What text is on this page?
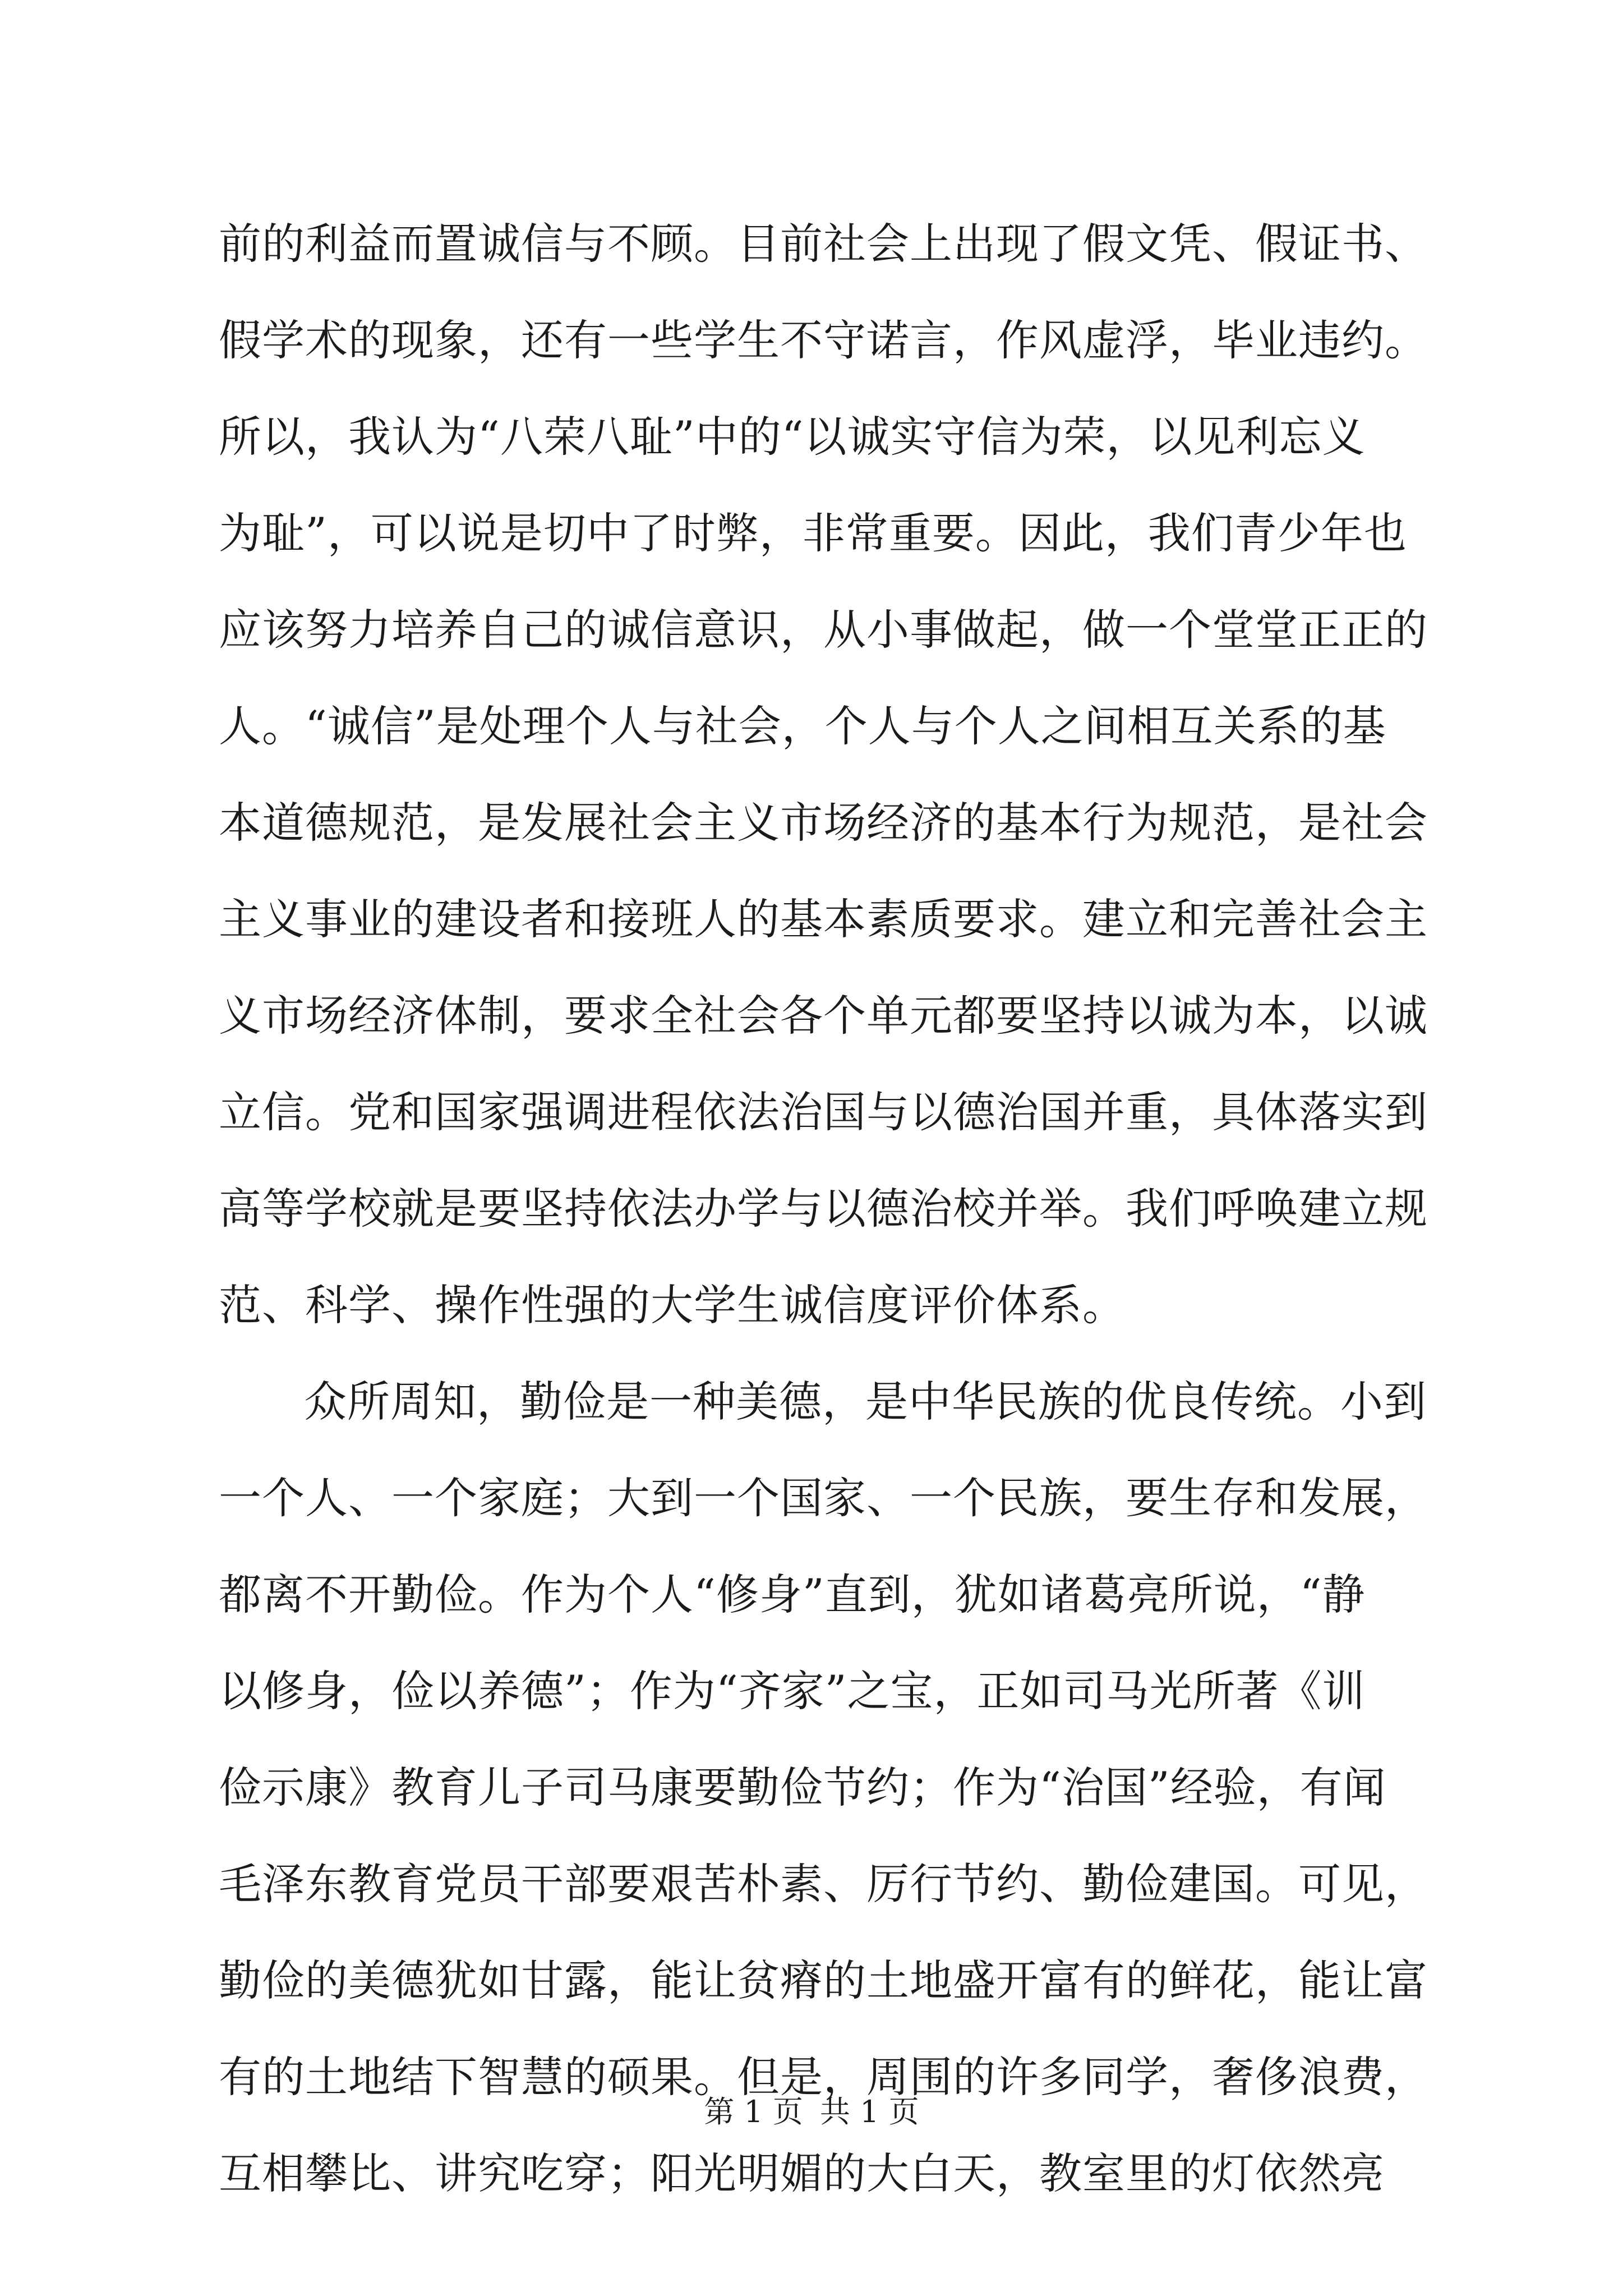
前的利益而置诚信与不顾。目前社会上出现了假文凭、假证书、
假学术的现象，还有一些学生不守诺言，作风虚浮，毕业违约。
所以，我认为“八荣八耻”中的“以诚实守信为荣，以见利忘义
为耻”，可以说是切中了时弊，非常重要。因此，我们青少年也
应该努力培养自己的诚信意识，从小事做起，做一个堂堂正正的
人。“诚信”是处理个人与社会，个人与个人之间相互关系的基
本道德规范，是发展社会主义市场经济的基本行为规范，是社会
主义事业的建设者和接班人的基本素质要求。建立和完善社会主
义市场经济体制，要求全社会各个单元都要坚持以诚为本，以诚
立信。党和国家强调进程依法治国与以德治国并重，具体落实到
高等学校就是要坚持依法办学与以德治校并举。我们呼唤建立规
范、科学、操作性强的大学生诚信度评价体系。
众所周知，勤俭是一种美德，是中华民族的优良传统。小到
一个人、一个家庭；大到一个国家、一个民族，要生存和发展，
都离不开勤俭。作为个人“修身”直到，犹如诸葛亮所说，“静
以修身，俭以养德”；作为“齐家”之宝，正如司马光所著《训
俭示康》教育儿子司马康要勤俭节约；作为“治国”经验，有闻
毛泽东教育党员干部要艰苦朴素、厉行节约、勤俭建国。可见，
勤俭的美德犹如甘露，能让贫瘠的土地盛开富有的鲜花，能让富
有的土地结下智慧的硕果。但是，周围的许多同学，奢侈浪费，
互相攀比、讲究吃穿；阳光明媚的大白天，教室里的灯依然亮
第 1 页 共 1 页
